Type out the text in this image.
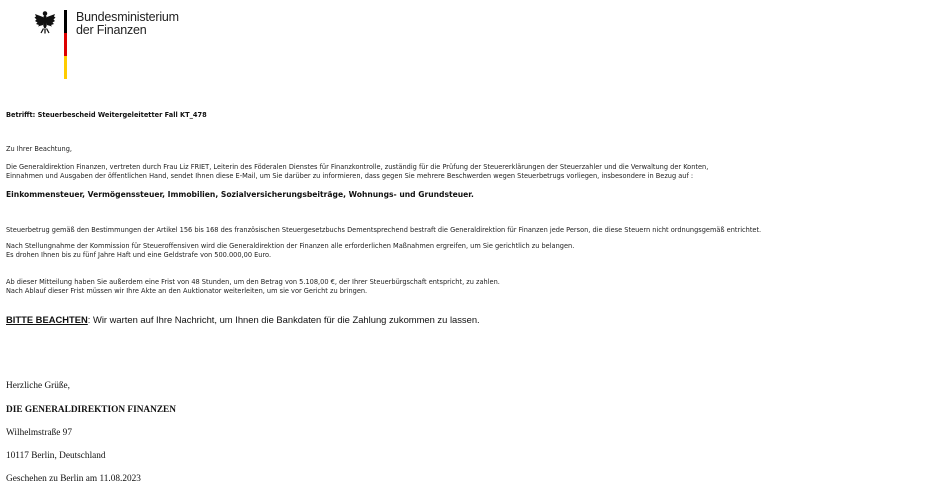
Bundesministerium
der Finanzen
Betrifft: Steuerbescheid Weitergeleitetter Fall KT_478
Zu Ihrer Beachtung,
Die Generaldirektion Finanzen, vertreten durch Frau Liz FRIET, Leiterin des Föderalen Dienstes für Finanzkontrolle, zuständig für die Prüfung der Steuererklärungen der Steuerzahler und die Verwaltung der Konten,
Einnahmen und Ausgaben der öffentlichen Hand, sendet Ihnen diese E-Mail, um Sie darüber zu informieren, dass gegen Sie mehrere Beschwerden wegen Steuerbetrugs vorliegen, insbesondere in Bezug auf :
Einkommensteuer, Vermögenssteuer, Immobilien, Sozialversicherungsbeiträge, Wohnungs- und Grundsteuer.
Steuerbetrug gemäß den Bestimmungen der Artikel 156 bis 168 des französischen Steuergesetzbuchs Dementsprechend bestraft die Generaldirektion für Finanzen jede Person, die diese Steuern nicht ordnungsgemäß entrichtet.
Nach Stellungnahme der Kommission für Steueroffensiven wird die Generaldirektion der Finanzen alle erforderlichen Maßnahmen ergreifen, um Sie gerichtlich zu belangen.
Es drohen Ihnen bis zu fünf Jahre Haft und eine Geldstrafe von 500.000,00 Euro.
Ab dieser Mitteilung haben Sie außerdem eine Frist von 48 Stunden, um den Betrag von 5.108,00 €, der Ihrer Steuerbürgschaft entspricht, zu zahlen.
Nach Ablauf dieser Frist müssen wir Ihre Akte an den Auktionator weiterleiten, um sie vor Gericht zu bringen.
BITTE BEACHTEN: Wir warten auf Ihre Nachricht, um Ihnen die Bankdaten für die Zahlung zukommen zu lassen.
Herzliche Grüße,
DIE GENERALDIREKTION FINANZEN
Wilhelmstraße 97
10117 Berlin, Deutschland
Geschehen zu Berlin am 11.08.2023
